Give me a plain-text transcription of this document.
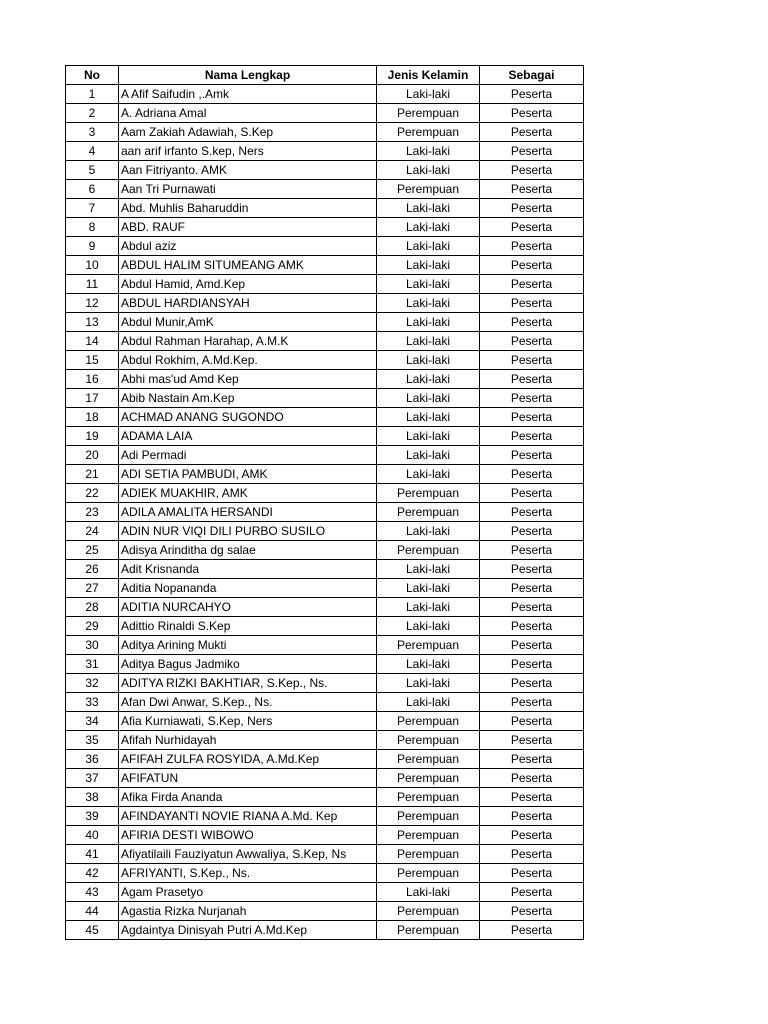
No	Nama Lengkap	Jenis Kelamin	Sebagai
1	A Afif Saifudin ,.Amk	Laki-laki	Peserta
2	A. Adriana Amal	Perempuan	Peserta
3	Aam Zakiah Adawiah, S.Kep	Perempuan	Peserta
4	aan arif irfanto S.kep, Ners	Laki-laki	Peserta
5	Aan Fitriyanto. AMK	Laki-laki	Peserta
6	Aan Tri Purnawati	Perempuan	Peserta
7	Abd. Muhlis Baharuddin	Laki-laki	Peserta
8	ABD. RAUF	Laki-laki	Peserta
9	Abdul aziz	Laki-laki	Peserta
10	ABDUL HALIM SITUMEANG AMK	Laki-laki	Peserta
11	Abdul Hamid, Amd.Kep	Laki-laki	Peserta
12	ABDUL HARDIANSYAH	Laki-laki	Peserta
13	Abdul Munir,AmK	Laki-laki	Peserta
14	Abdul Rahman Harahap, A.M.K	Laki-laki	Peserta
15	Abdul Rokhim, A.Md.Kep.	Laki-laki	Peserta
16	Abhi mas'ud Amd Kep	Laki-laki	Peserta
17	Abib Nastain Am.Kep	Laki-laki	Peserta
18	ACHMAD ANANG SUGONDO	Laki-laki	Peserta
19	ADAMA LAIA	Laki-laki	Peserta
20	Adi Permadi	Laki-laki	Peserta
21	ADI SETIA PAMBUDI, AMK	Laki-laki	Peserta
22	ADIEK MUAKHIR, AMK	Perempuan	Peserta
23	ADILA AMALITA HERSANDI	Perempuan	Peserta
24	ADIN NUR VIQI DILI PURBO SUSILO	Laki-laki	Peserta
25	Adisya Arinditha dg salae	Perempuan	Peserta
26	Adit Krisnanda	Laki-laki	Peserta
27	Aditia Nopananda	Laki-laki	Peserta
28	ADITIA NURCAHYO	Laki-laki	Peserta
29	Adittio Rinaldi S.Kep	Laki-laki	Peserta
30	Aditya Arining Mukti	Perempuan	Peserta
31	Aditya Bagus Jadmiko	Laki-laki	Peserta
32	ADITYA RIZKI BAKHTIAR, S.Kep., Ns.	Laki-laki	Peserta
33	Afan Dwi Anwar, S.Kep., Ns.	Laki-laki	Peserta
34	Afia Kurniawati, S.Kep, Ners	Perempuan	Peserta
35	Afifah Nurhidayah	Perempuan	Peserta
36	AFIFAH ZULFA ROSYIDA, A.Md.Kep	Perempuan	Peserta
37	AFIFATUN	Perempuan	Peserta
38	Afika Firda Ananda	Perempuan	Peserta
39	AFINDAYANTI NOVIE RIANA A.Md. Kep	Perempuan	Peserta
40	AFIRIA DESTI WIBOWO	Perempuan	Peserta
41	Afiyatilaili Fauziyatun Awwaliya, S.Kep, Ns	Perempuan	Peserta
42	AFRIYANTI, S.Kep., Ns.	Perempuan	Peserta
43	Agam Prasetyo	Laki-laki	Peserta
44	Agastia Rizka Nurjanah	Perempuan	Peserta
45	Agdaintya Dinisyah Putri A.Md.Kep	Perempuan	Peserta
